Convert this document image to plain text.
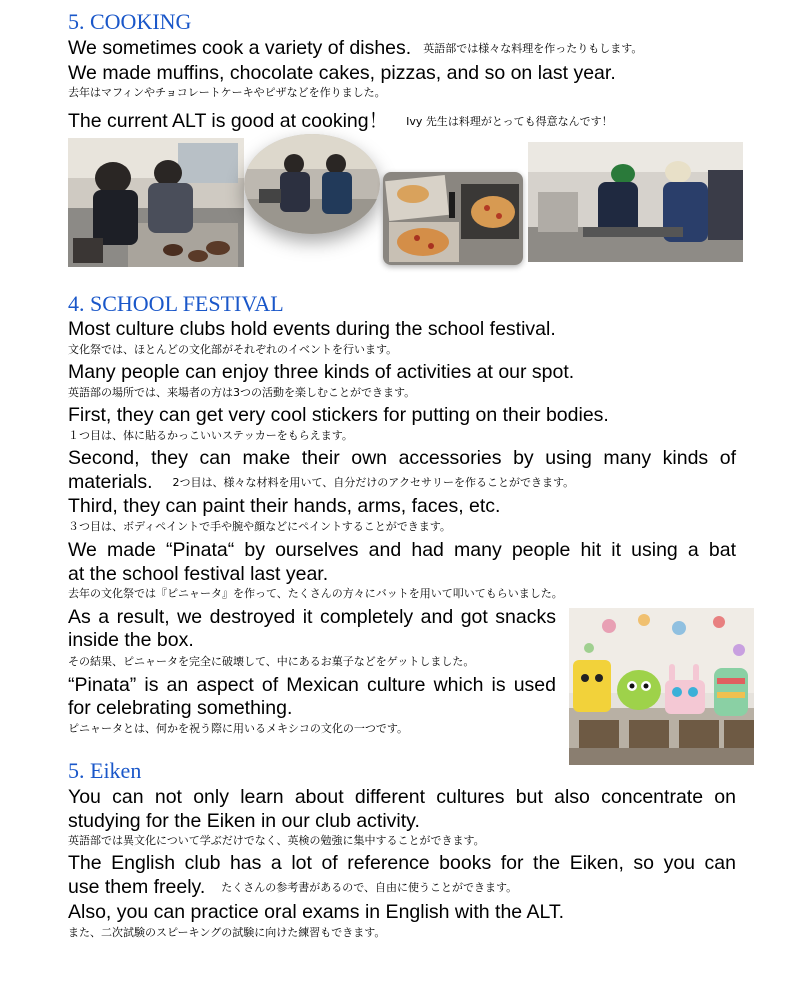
5. COOKING
We sometimes cook a variety of dishes. 英語部では様々な料理を作ったりもします。
We made muffins, chocolate cakes, pizzas, and so on last year.
去年はマフィンやチョコレートケーキやピザなどを作りました。
The current ALT is good at cooking！ Ivy 先生は料理がとっても得意なんです！
4. SCHOOL FESTIVAL
Most culture clubs hold events during the school festival.
文化祭では、ほとんどの文化部がそれぞれのイベントを行います。
Many people can enjoy three kinds of activities at our spot.
英語部の場所では、来場者の方は3つの活動を楽しむことができます。
First, they can get very cool stickers for putting on their bodies.
１つ目は、体に貼るかっこいいステッカーをもらえます。
Second, they can make their own accessories by using many kinds of
materials. 2つ目は、様々な材料を用いて、自分だけのアクセサリーを作ることができます。
Third, they can paint their hands, arms, faces, etc.
３つ目は、ボディペイントで手や腕や顔などにペイントすることができます。
We made “Pinata“ by ourselves and had many people hit it using a bat
at the school festival last year.
去年の文化祭では『ピニャータ』を作って、たくさんの方々にバットを用いて叩いてもらいました。
As a result, we destroyed it completely and got snacks inside the box.
その結果、ピニャータを完全に破壊して、中にあるお菓子などをゲットしました。
“Pinata” is an aspect of Mexican culture which is used for celebrating something.
ピニャータとは、何かを祝う際に用いるメキシコの文化の一つです。
5. Eiken
You can not only learn about different cultures but also concentrate on
studying for the Eiken in our club activity.
英語部では異文化について学ぶだけでなく、英検の勉強に集中することができます。
The English club has a lot of reference books for the Eiken, so you can
use them freely. たくさんの参考書があるので、自由に使うことができます。
Also, you can practice oral exams in English with the ALT.
また、二次試験のスピーキングの試験に向けた練習もできます。
